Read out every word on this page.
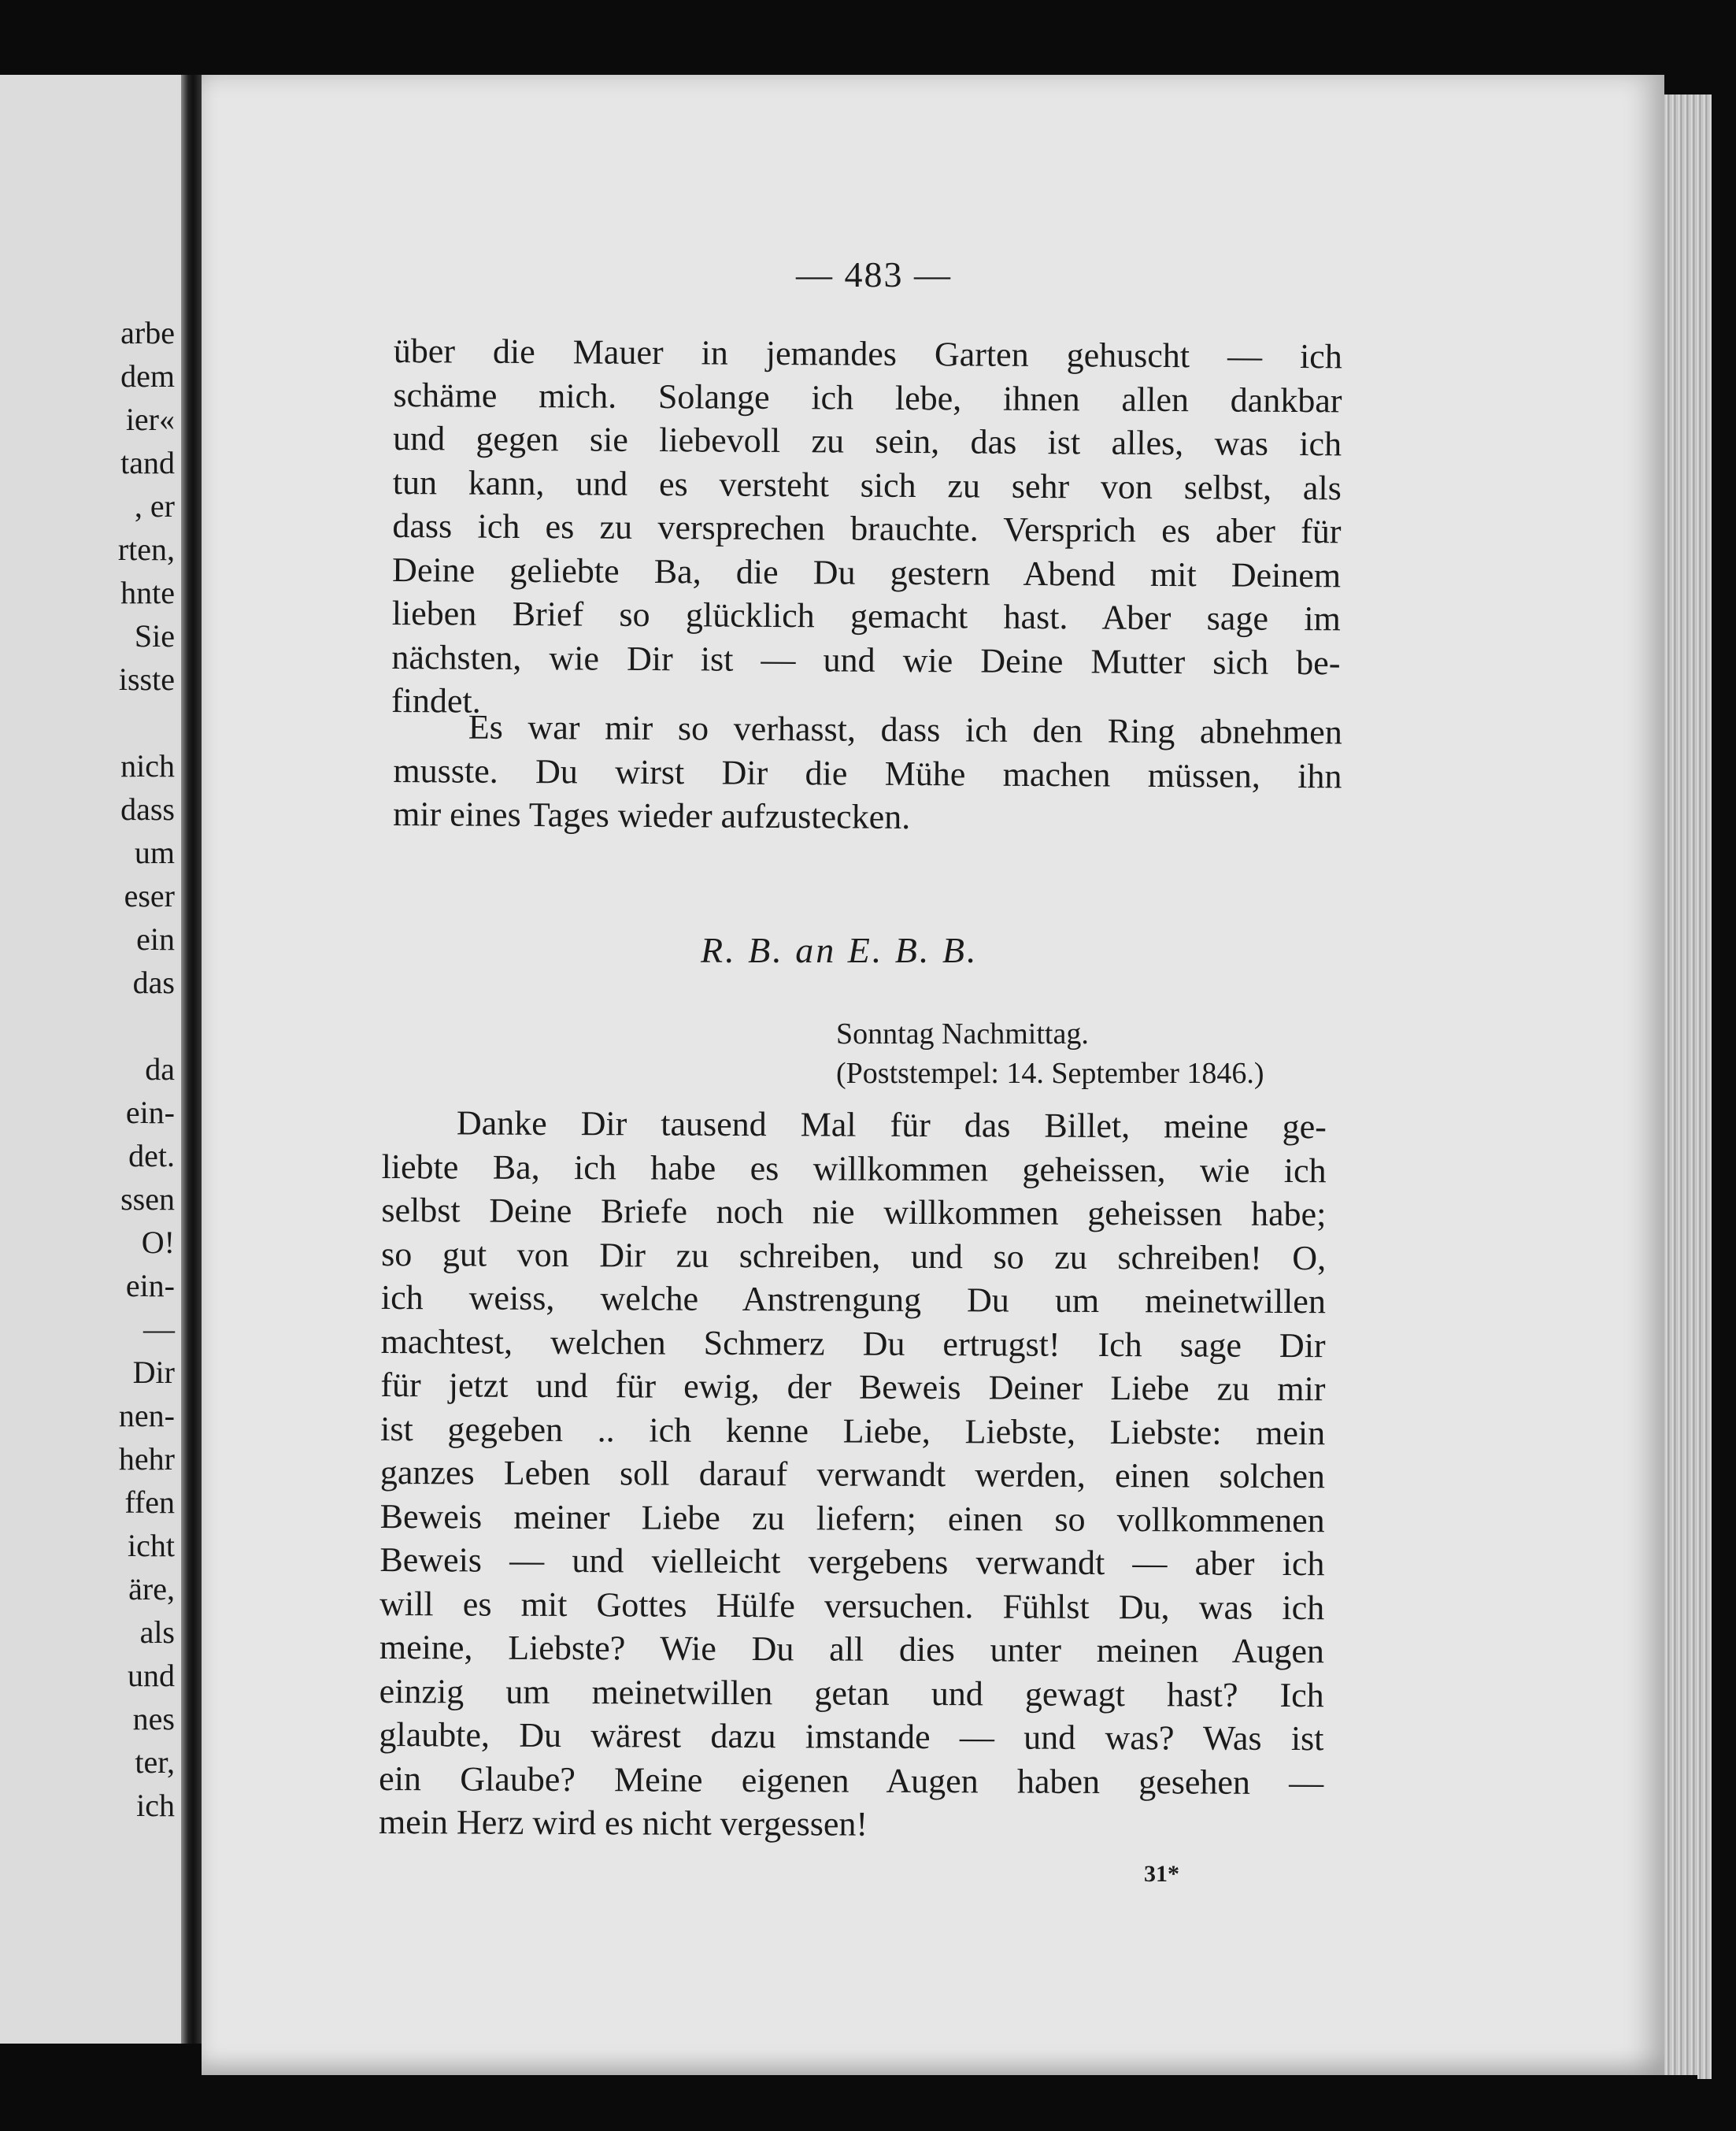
arbe
dem
ier«
tand
, er
rten,
hnte
Sie
isste
nich
dass
um
eser
ein
das
da
ein-
det.
ssen
O!
ein-
—
Dir
nen-
hehr
ffen
icht
äre,
als
und
nes
ter,
ich
— 483 —
über die Mauer in jemandes Garten gehuscht — ich
schäme mich. Solange ich lebe, ihnen allen dankbar
und gegen sie liebevoll zu sein, das ist alles, was ich
tun kann, und es versteht sich zu sehr von selbst, als
dass ich es zu versprechen brauchte. Versprich es aber für
Deine geliebte Ba, die Du gestern Abend mit Deinem
lieben Brief so glücklich gemacht hast. Aber sage im
nächsten, wie Dir ist — und wie Deine Mutter sich be-
findet.
Es war mir so verhasst, dass ich den Ring abnehmen
musste. Du wirst Dir die Mühe machen müssen, ihn
mir eines Tages wieder aufzustecken.
R. B. an E. B. B.
Sonntag Nachmittag.
(Poststempel: 14. September 1846.)
Danke Dir tausend Mal für das Billet, meine ge-
liebte Ba, ich habe es willkommen geheissen, wie ich
selbst Deine Briefe noch nie willkommen geheissen habe;
so gut von Dir zu schreiben, und so zu schreiben! O,
ich weiss, welche Anstrengung Du um meinetwillen
machtest, welchen Schmerz Du ertrugst! Ich sage Dir
für jetzt und für ewig, der Beweis Deiner Liebe zu mir
ist gegeben .. ich kenne Liebe, Liebste, Liebste: mein
ganzes Leben soll darauf verwandt werden, einen solchen
Beweis meiner Liebe zu liefern; einen so vollkommenen
Beweis — und vielleicht vergebens verwandt — aber ich
will es mit Gottes Hülfe versuchen. Fühlst Du, was ich
meine, Liebste? Wie Du all dies unter meinen Augen
einzig um meinetwillen getan und gewagt hast? Ich
glaubte, Du wärest dazu imstande — und was? Was ist
ein Glaube? Meine eigenen Augen haben gesehen —
mein Herz wird es nicht vergessen!
31*
